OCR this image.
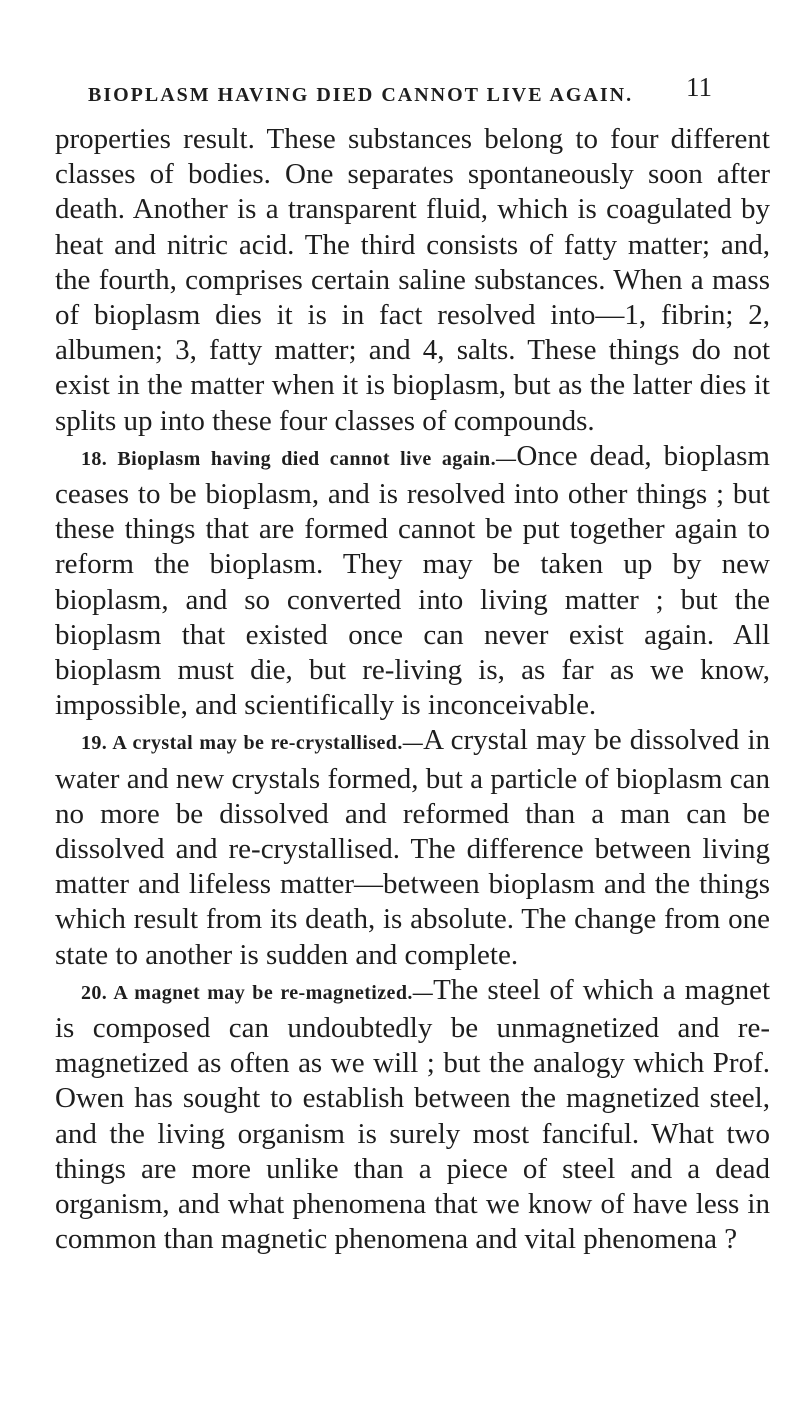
BIOPLASM HAVING DIED CANNOT LIVE AGAIN. 11

properties result. These substances belong to four different classes of bodies. One separates spontaneously soon after death. Another is a transparent fluid, which is coagulated by heat and nitric acid. The third consists of fatty matter; and, the fourth, comprises certain saline substances. When a mass of bioplasm dies it is in fact resolved into—1, fibrin; 2, albumen; 3, fatty matter; and 4, salts. These things do not exist in the matter when it is bioplasm, but as the latter dies it splits up into these four classes of compounds.

18. Bioplasm having died cannot live again.—Once dead, bioplasm ceases to be bioplasm, and is resolved into other things ; but these things that are formed cannot be put together again to reform the bioplasm. They may be taken up by new bioplasm, and so converted into living matter ; but the bioplasm that existed once can never exist again. All bioplasm must die, but re-living is, as far as we know, impossible, and scientifically is inconceivable.

19. A crystal may be re-crystallised.—A crystal may be dissolved in water and new crystals formed, but a particle of bioplasm can no more be dissolved and reformed than a man can be dissolved and re-crystallised. The difference between living matter and lifeless matter—between bioplasm and the things which result from its death, is absolute. The change from one state to another is sudden and complete.

20. A magnet may be re-magnetized.—The steel of which a magnet is composed can undoubtedly be unmagnetized and re-magnetized as often as we will ; but the analogy which Prof. Owen has sought to establish between the magnetized steel, and the living organism is surely most fanciful. What two things are more unlike than a piece of steel and a dead organism, and what phenomena that we know of have less in common than magnetic phenomena and vital phenomena ?
